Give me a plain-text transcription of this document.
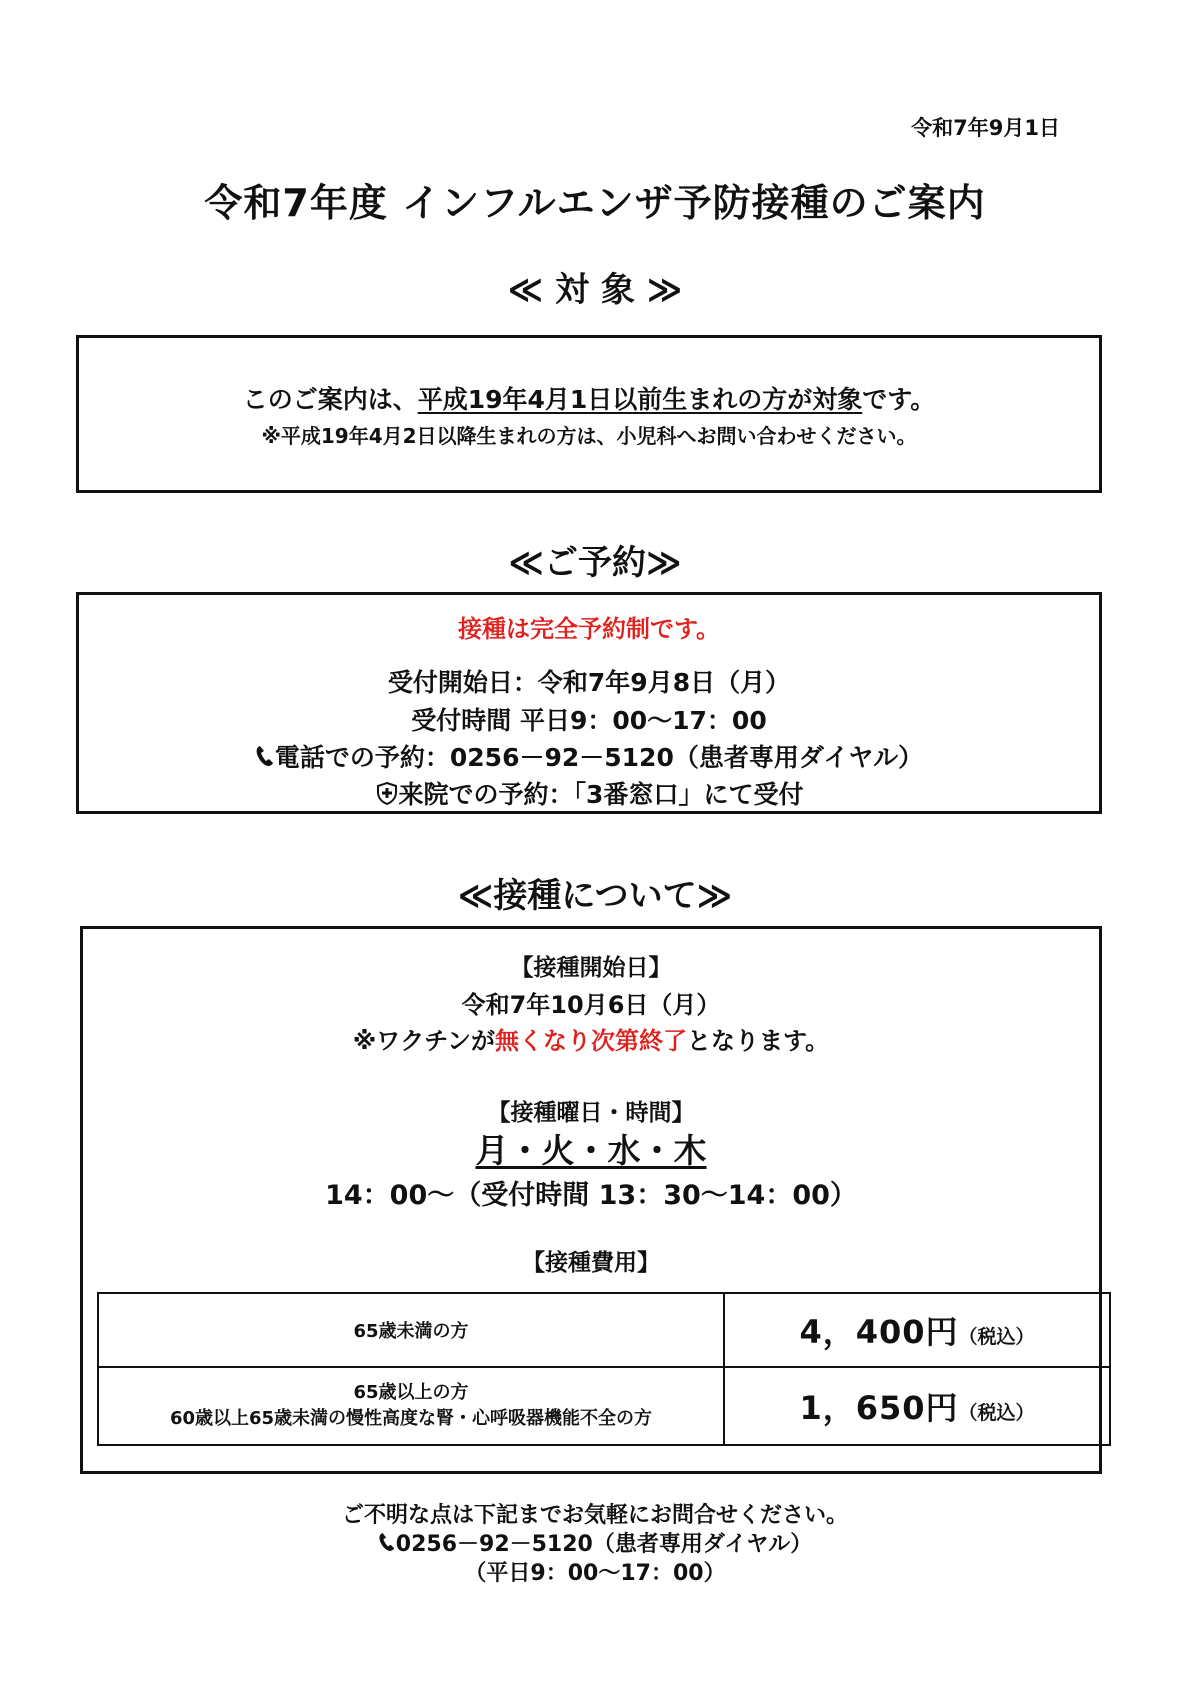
令和7年9月1日
令和7年度 インフルエンザ予防接種のご案内
≪ 対 象 ≫
このご案内は、平成19年4月1日以前生まれの方が対象です。
※平成19年4月2日以降生まれの方は、小児科へお問い合わせください。
≪ご予約≫
接種は完全予約制です。
受付開始日：令和7年9月8日（月）
受付時間 平日9：00～17：00
電話での予約：0256－92－5120（患者専用ダイヤル）
来院での予約：「3番窓口」にて受付
≪接種について≫
【接種開始日】
令和7年10月6日（月）
※ワクチンが無くなり次第終了となります。
【接種曜日・時間】
月・火・水・木
14：00～（受付時間 13：30～14：00）
【接種費用】
65歳未満の方	4，400円（税込）

65歳以上の方
60歳以上65歳未満の慢性高度な腎・心呼吸器機能不全の方	1，650円（税込）
ご不明な点は下記までお気軽にお問合せください。
0256－92－5120（患者専用ダイヤル）
（平日9：00～17：00）
